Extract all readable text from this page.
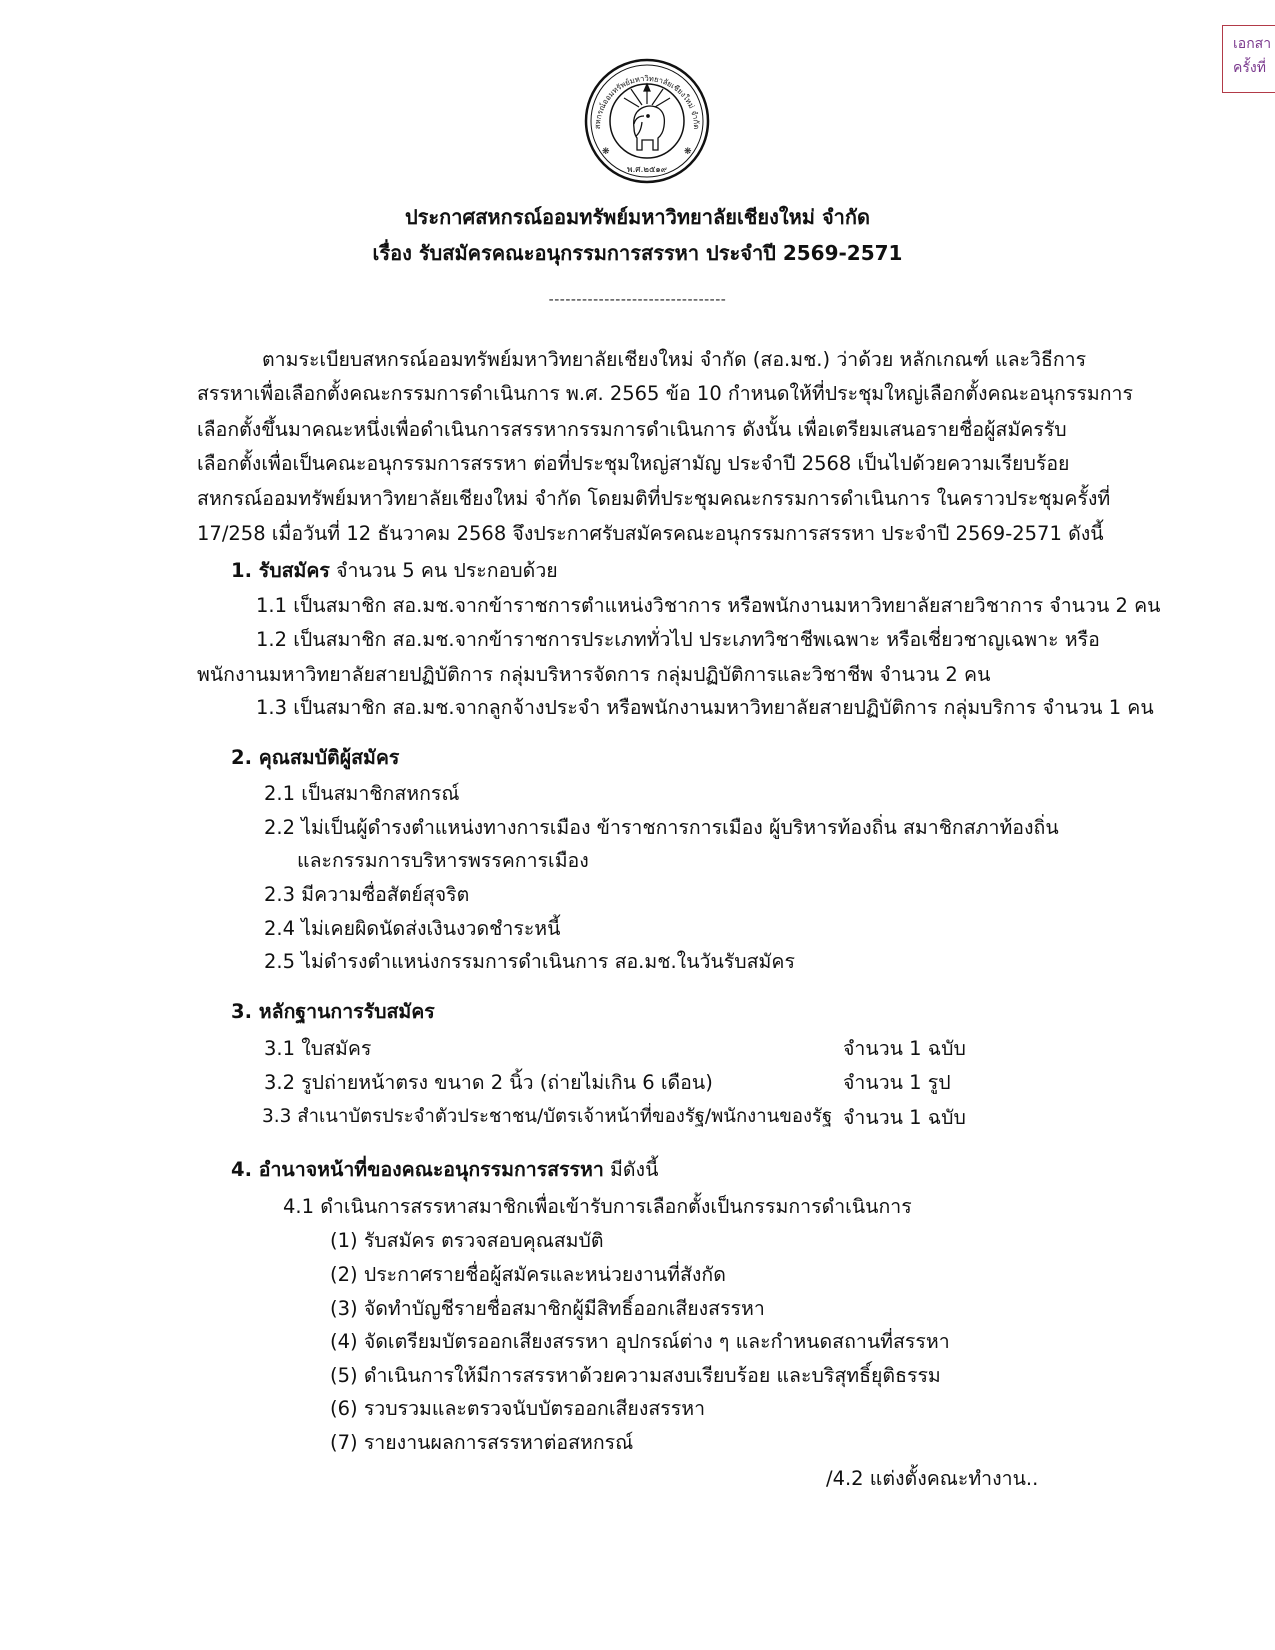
เอกสา
ครั้งที่
สหกรณ์ออมทรัพย์มหาวิทยาลัยเชียงใหม่ จำกัด
❋	❋
พ.ศ.๒๕๑๙
ประกาศสหกรณ์ออมทรัพย์มหาวิทยาลัยเชียงใหม่ จำกัด
เรื่อง รับสมัครคณะอนุกรรมการสรรหา ประจำปี 2569-2571
--------------------------------
ตามระเบียบสหกรณ์ออมทรัพย์มหาวิทยาลัยเชียงใหม่ จำกัด (สอ.มช.) ว่าด้วย หลักเกณฑ์ และวิธีการ
สรรหาเพื่อเลือกตั้งคณะกรรมการดำเนินการ พ.ศ. 2565 ข้อ 10 กำหนดให้ที่ประชุมใหญ่เลือกตั้งคณะอนุกรรมการ
เลือกตั้งขึ้นมาคณะหนึ่งเพื่อดำเนินการสรรหากรรมการดำเนินการ ดังนั้น เพื่อเตรียมเสนอรายชื่อผู้สมัครรับ
เลือกตั้งเพื่อเป็นคณะอนุกรรมการสรรหา ต่อที่ประชุมใหญ่สามัญ ประจำปี 2568 เป็นไปด้วยความเรียบร้อย
สหกรณ์ออมทรัพย์มหาวิทยาลัยเชียงใหม่ จำกัด โดยมติที่ประชุมคณะกรรมการดำเนินการ ในคราวประชุมครั้งที่
17/258 เมื่อวันที่ 12 ธันวาคม 2568 จึงประกาศรับสมัครคณะอนุกรรมการสรรหา ประจำปี 2569-2571 ดังนี้
1. รับสมัคร จำนวน 5 คน ประกอบด้วย
1.1 เป็นสมาชิก สอ.มช.จากข้าราชการตำแหน่งวิชาการ หรือพนักงานมหาวิทยาลัยสายวิชาการ จำนวน 2 คน
1.2 เป็นสมาชิก สอ.มช.จากข้าราชการประเภททั่วไป ประเภทวิชาชีพเฉพาะ หรือเชี่ยวชาญเฉพาะ หรือ
พนักงานมหาวิทยาลัยสายปฏิบัติการ กลุ่มบริหารจัดการ กลุ่มปฏิบัติการและวิชาชีพ จำนวน 2 คน
1.3 เป็นสมาชิก สอ.มช.จากลูกจ้างประจำ หรือพนักงานมหาวิทยาลัยสายปฏิบัติการ กลุ่มบริการ จำนวน 1 คน
2. คุณสมบัติผู้สมัคร
2.1 เป็นสมาชิกสหกรณ์
2.2 ไม่เป็นผู้ดำรงตำแหน่งทางการเมือง ข้าราชการการเมือง ผู้บริหารท้องถิ่น สมาชิกสภาท้องถิ่น
และกรรมการบริหารพรรคการเมือง
2.3 มีความซื่อสัตย์สุจริต
2.4 ไม่เคยผิดนัดส่งเงินงวดชำระหนี้
2.5 ไม่ดำรงตำแหน่งกรรมการดำเนินการ สอ.มช.ในวันรับสมัคร
3. หลักฐานการรับสมัคร
3.1 ใบสมัคร	จำนวน 1 ฉบับ
3.2 รูปถ่ายหน้าตรง ขนาด 2 นิ้ว (ถ่ายไม่เกิน 6 เดือน)	จำนวน 1 รูป
3.3 สำเนาบัตรประจำตัวประชาชน/บัตรเจ้าหน้าที่ของรัฐ/พนักงานของรัฐ จำนวน 1 ฉบับ
4. อำนาจหน้าที่ของคณะอนุกรรมการสรรหา มีดังนี้
4.1 ดำเนินการสรรหาสมาชิกเพื่อเข้ารับการเลือกตั้งเป็นกรรมการดำเนินการ
(1) รับสมัคร ตรวจสอบคุณสมบัติ
(2) ประกาศรายชื่อผู้สมัครและหน่วยงานที่สังกัด
(3) จัดทำบัญชีรายชื่อสมาชิกผู้มีสิทธิ์ออกเสียงสรรหา
(4) จัดเตรียมบัตรออกเสียงสรรหา อุปกรณ์ต่าง ๆ และกำหนดสถานที่สรรหา
(5) ดำเนินการให้มีการสรรหาด้วยความสงบเรียบร้อย และบริสุทธิ์ยุติธรรม
(6) รวบรวมและตรวจนับบัตรออกเสียงสรรหา
(7) รายงานผลการสรรหาต่อสหกรณ์
/4.2 แต่งตั้งคณะทำงาน..
